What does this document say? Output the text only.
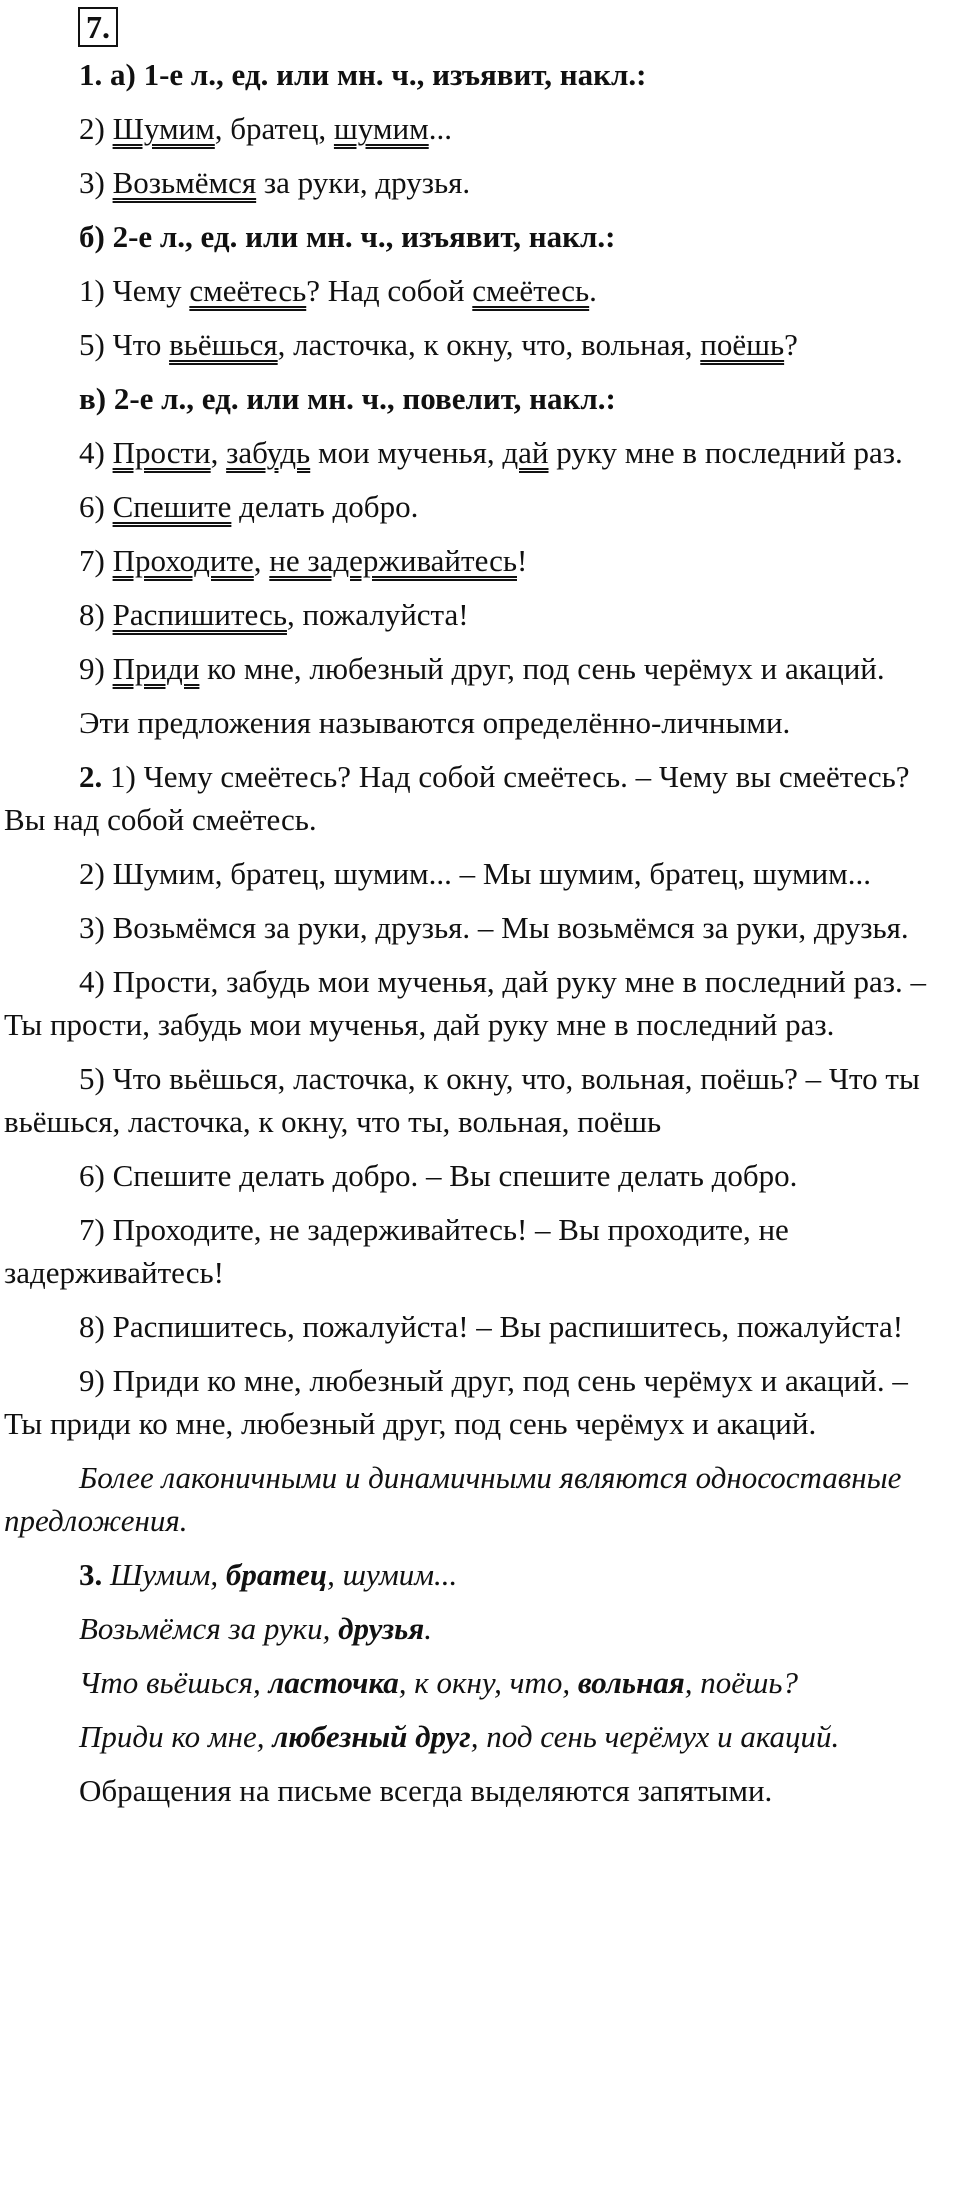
7.

1. а) 1-е л., ед. или мн. ч., изъявит, накл.:

2) Шумим, братец, шумим...

3) Возьмёмся за руки, друзья.

б) 2-е л., ед. или мн. ч., изъявит, накл.:

1) Чему смеётесь? Над собой смеётесь.

5) Что вьёшься, ласточка, к окну, что, вольная, поёшь?

в) 2-е л., ед. или мн. ч., повелит, накл.:

4) Прости, забудь мои мученья, дай руку мне в последний раз.

6) Спешите делать добро.

7) Проходите, не задерживайтесь!

8) Распишитесь, пожалуйста!

9) Приди ко мне, любезный друг, под сень черёмух и акаций.

Эти предложения называются определённо-личными.

2. 1) Чему смеётесь? Над собой смеётесь. – Чему вы смеётесь? Вы над собой смеётесь.

2) Шумим, братец, шумим... – Мы шумим, братец, шумим...

3) Возьмёмся за руки, друзья. – Мы возьмёмся за руки, друзья.

4) Прости, забудь мои мученья, дай руку мне в последний раз. – Ты прости, забудь мои мученья, дай руку мне в последний раз.

5) Что вьёшься, ласточка, к окну, что, вольная, поёшь? – Что ты вьёшься, ласточка, к окну, что ты, вольная, поёшь

6) Спешите делать добро. – Вы спешите делать добро.

7) Проходите, не задерживайтесь! – Вы проходите, не задерживайтесь!

8) Распишитесь, пожалуйста! – Вы распишитесь, пожалуйста!

9) Приди ко мне, любезный друг, под сень черёмух и акаций. – Ты приди ко мне, любезный друг, под сень черёмух и акаций.

Более лаконичными и динамичными являются односоставные предложения.

3. Шумим, братец, шумим...

Возьмёмся за руки, друзья.

Что вьёшься, ласточка, к окну, что, вольная, поёшь?

Приди ко мне, любезный друг, под сень черёмух и акаций.

Обращения на письме всегда выделяются запятыми.
